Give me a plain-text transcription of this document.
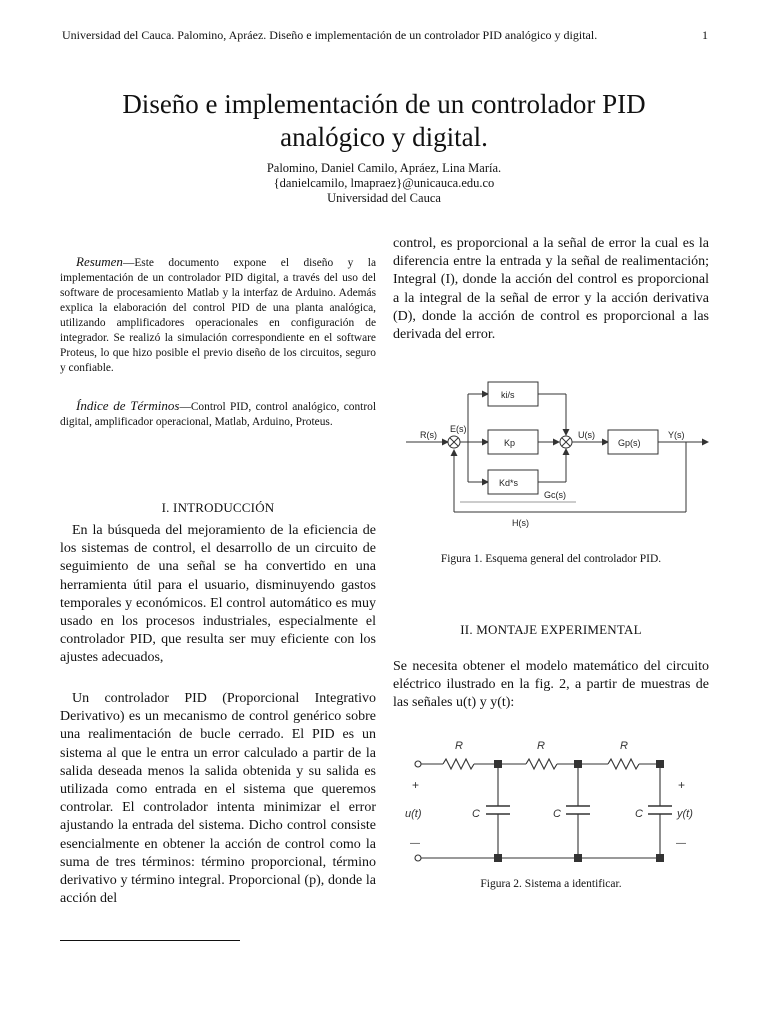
Universidad del Cauca. Palomino, Apráez. Diseño e implementación de un controlador PID analógico y digital.	1
Diseño e implementación de un controlador PID
analógico y digital.
Palomino, Daniel Camilo, Apráez, Lina María.
{danielcamilo, lmapraez}@unicauca.edu.co
Universidad del Cauca
Resumen—Este documento expone el diseño y la implementación de un controlador PID digital, a través del uso del software de procesamiento Matlab y la interfaz de Arduino. Además explica la elaboración del control PID de una planta analógica, utilizando amplificadores operacionales en configuración de integrador. Se realizó la simulación correspondiente en el software Proteus, lo que hizo posible el previo diseño de los circuitos, seguro y confiable.
Índice de Términos—Control PID, control analógico, control digital, amplificador operacional, Matlab, Arduino, Proteus.
I. INTRODUCCIÓN
En la búsqueda del mejoramiento de la eficiencia de los sistemas de control, el desarrollo de un circuito de seguimiento de una señal se ha convertido en una herramienta útil para el usuario, disminuyendo gastos temporales y económicos. El control automático es muy usado en los procesos industriales, especialmente el controlador PID, que resulta ser muy eficiente con los ajustes adecuados,
Un controlador PID (Proporcional Integrativo Derivativo) es un mecanismo de control genérico sobre una realimentación de bucle cerrado. El PID es un sistema al que le entra un error calculado a partir de la salida deseada menos la salida obtenida y su salida es utilizada como entrada en el sistema que queremos controlar. El controlador intenta minimizar el error ajustando la entrada del sistema. Dicho control consiste esencialmente en obtener la acción de control como la suma de tres términos: término proporcional, término derivativo y término integral. Proporcional (p), donde la acción del
control, es proporcional a la señal de error la cual es la diferencia entre la entrada y la señal de realimentación; Integral (I), donde la acción del control es proporcional a la integral de la señal de error y la acción derivativa (D), donde la acción de control es proporcional a las derivada del error.
ki/s
Kp
Kd*s
Gp(s)
R(s)
E(s)
U(s)	Y(s)
Gc(s)
H(s)
Figura 1. Esquema general del controlador PID.
II. MONTAJE EXPERIMENTAL
Se necesita obtener el modelo matemático del circuito eléctrico ilustrado en la fig. 2, a partir de muestras de las señales u(t) y y(t):
R	R	R
C	C	C
u(t)	y(t)
+	+
—	—
Figura 2. Sistema a identificar.
